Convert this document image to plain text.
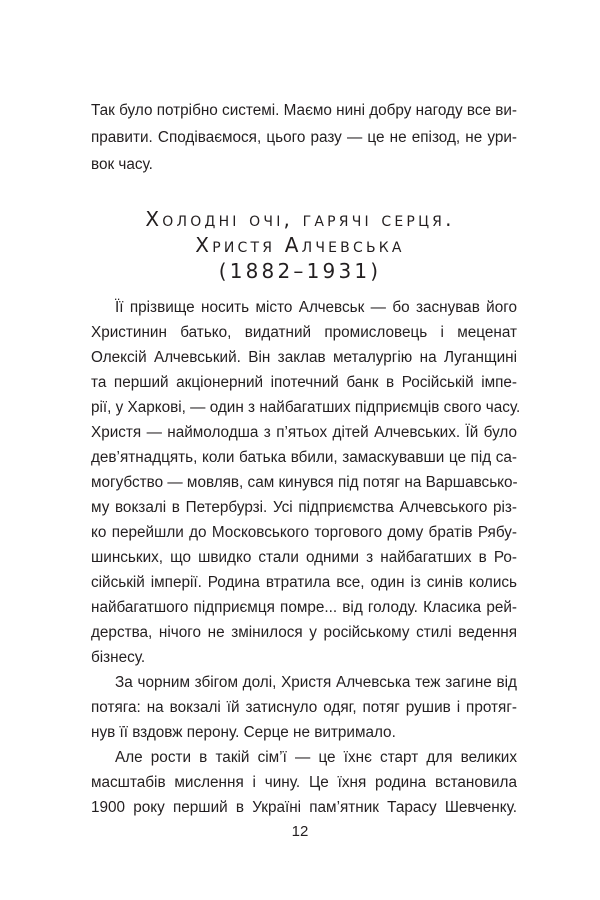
Так було потрібно системі. Маємо нині добру нагоду все ви-
правити. Сподіваємося, цього разу — це не епізод, не ури-
вок часу.
Холодні очі, гарячі серця.
Христя Алчевська
(1882–1931)
Її прізвище носить місто Алчевськ — бо заснував його
Христинин батько, видатний промисловець і меценат
Олексій Алчевський. Він заклав металургію на Луганщині
та перший акціонерний іпотечний банк в Російській імпе-
рії, у Харкові, — один з найбагатших підприємців свого часу.
Христя — наймолодша з п’ятьох дітей Алчевських. Їй було
дев’ятнадцять, коли батька вбили, замаскувавши це під са-
могубство — мовляв, сам кинувся під потяг на Варшавсько-
му вокзалі в Петербурзі. Усі підприємства Алчевського різ-
ко перейшли до Московського торгового дому братів Рябу-
шинських, що швидко стали одними з найбагатших в Ро-
сійській імперії. Родина втратила все, один із синів колись
найбагатшого підприємця помре... від голоду. Класика рей-
дерства, нічого не змінилося у російському стилі ведення
бізнесу.
За чорним збігом долі, Христя Алчевська теж загине від
потяга: на вокзалі їй затиснуло одяг, потяг рушив і протяг-
нув її вздовж перону. Серце не витримало.
Але рости в такій сім’ї — це їхнє старт для великих
масштабів мислення і чину. Це їхня родина встановила
1900 року перший в Україні пам’ятник Тарасу Шевченку.
12
